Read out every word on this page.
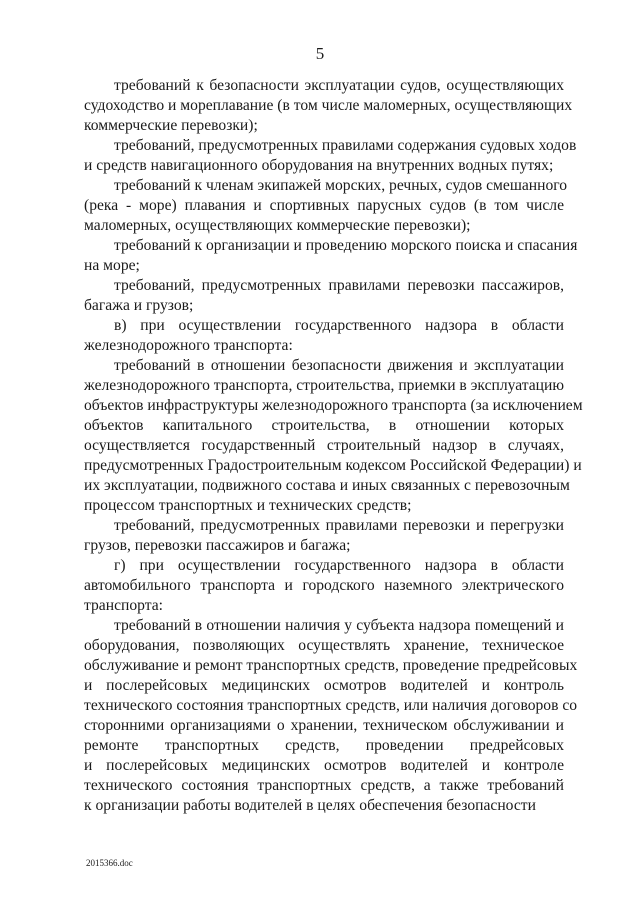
5

требований к безопасности эксплуатации судов, осуществляющих
судоходство и мореплавание (в том числе маломерных, осуществляющих
коммерческие перевозки);

требований, предусмотренных правилами содержания судовых ходов
и средств навигационного оборудования на внутренних водных путях;

требований к членам экипажей морских, речных, судов смешанного
(река - море) плавания и спортивных парусных судов (в том числе
маломерных, осуществляющих коммерческие перевозки);

требований к организации и проведению морского поиска и спасания
на море;

требований, предусмотренных правилами перевозки пассажиров,
багажа и грузов;

в) при осуществлении государственного надзора в области
железнодорожного транспорта:

требований в отношении безопасности движения и эксплуатации
железнодорожного транспорта, строительства, приемки в эксплуатацию
объектов инфраструктуры железнодорожного транспорта (за исключением
объектов капитального строительства, в отношении которых
осуществляется государственный строительный надзор в случаях,
предусмотренных Градостроительным кодексом Российской Федерации) и
их эксплуатации, подвижного состава и иных связанных с перевозочным
процессом транспортных и технических средств;

требований, предусмотренных правилами перевозки и перегрузки
грузов, перевозки пассажиров и багажа;

г) при осуществлении государственного надзора в области
автомобильного транспорта и городского наземного электрического
транспорта:

требований в отношении наличия у субъекта надзора помещений и
оборудования, позволяющих осуществлять хранение, техническое
обслуживание и ремонт транспортных средств, проведение предрейсовых
и послерейсовых медицинских осмотров водителей и контроль
технического состояния транспортных средств, или наличия договоров со
сторонними организациями о хранении, техническом обслуживании и
ремонте транспортных средств, проведении предрейсовых
и послерейсовых медицинских осмотров водителей и контроле
технического состояния транспортных средств, а также требований
к организации работы водителей в целях обеспечения безопасности

2015366.doc
